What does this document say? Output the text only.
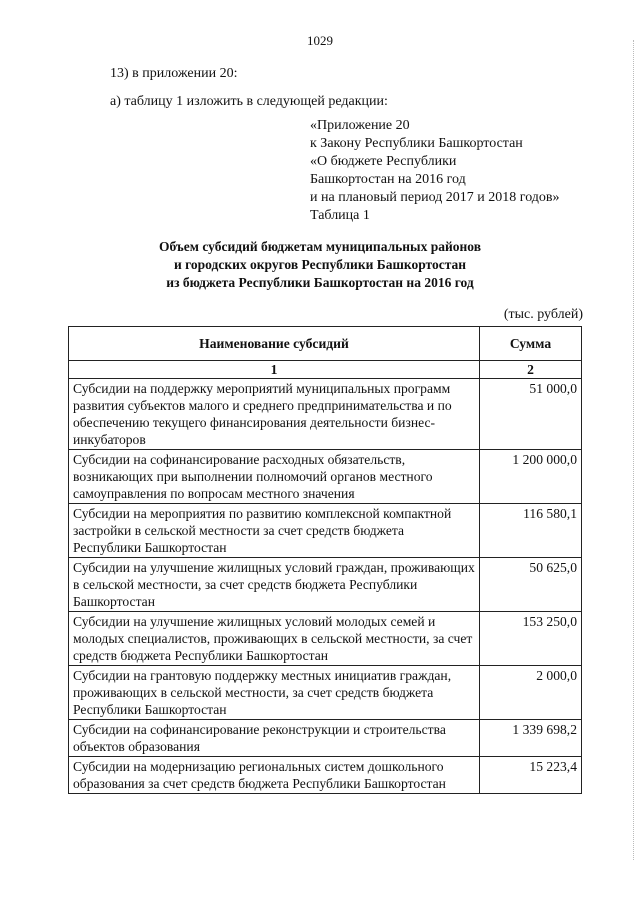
1029
13) в приложении 20:
а) таблицу 1 изложить в следующей редакции:
«Приложение 20
к Закону Республики Башкортостан
«О бюджете Республики
Башкортостан на 2016 год
и на плановый период 2017 и 2018 годов»
Таблица 1
Объем субсидий бюджетам муниципальных районов
и городских округов Республики Башкортостан
из бюджета Республики Башкортостан на 2016 год
(тыс. рублей)
Наименование субсидий	Сумма
1	2
Субсидии на поддержку мероприятий муниципальных программ развития субъектов малого и среднего предпринимательства и по обеспечению текущего финансирования деятельности бизнес-инкубаторов	51 000,0
Субсидии на софинансирование расходных обязательств, возникающих при выполнении полномочий органов местного самоуправления по вопросам местного значения	1 200 000,0
Субсидии на мероприятия по развитию комплексной компактной застройки в сельской местности за счет средств бюджета Республики Башкортостан	116 580,1
Субсидии на улучшение жилищных условий граждан, проживающих в сельской местности, за счет средств бюджета Республики Башкортостан	50 625,0
Субсидии на улучшение жилищных условий молодых семей и молодых специалистов, проживающих в сельской местности, за счет средств бюджета Республики Башкортостан	153 250,0
Субсидии на грантовую поддержку местных инициатив граждан, проживающих в сельской местности, за счет средств бюджета Республики Башкортостан	2 000,0
Субсидии на софинансирование реконструкции и строительства объектов образования	1 339 698,2
Субсидии на модернизацию региональных систем дошкольного образования за счет средств бюджета Республики Башкортостан	15 223,4
